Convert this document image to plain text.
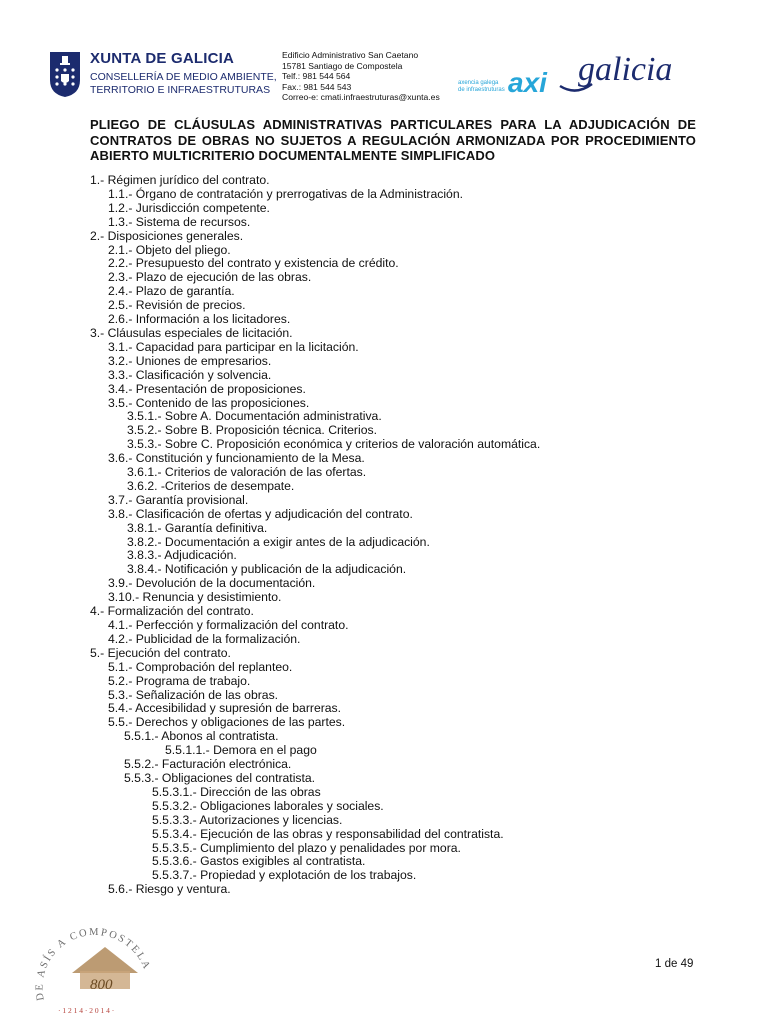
XUNTA DE GALICIA
CONSELLERÍA DE MEDIO AMBIENTE,
TERRITORIO E INFRAESTRUTURAS
Edificio Administrativo San Caetano
15781 Santiago de Compostela
Telf.: 981 544 564
Fax.: 981 544 543
Correo-e: cmati.infraestruturas@xunta.es
axencia galega
de infraestruturas axi galicia
PLIEGO DE CLÁUSULAS ADMINISTRATIVAS PARTICULARES PARA LA ADJUDICACIÓN DE CONTRATOS DE OBRAS NO SUJETOS A REGULACIÓN ARMONIZADA POR PROCEDIMIENTO ABIERTO MULTICRITERIO DOCUMENTALMENTE SIMPLIFICADO
1.- Régimen jurídico del contrato.
1.1.- Órgano de contratación y prerrogativas de la Administración.
1.2.- Jurisdicción competente.
1.3.- Sistema de recursos.
2.- Disposiciones generales.
2.1.- Objeto del pliego.
2.2.- Presupuesto del contrato y existencia de crédito.
2.3.- Plazo de ejecución de las obras.
2.4.- Plazo de garantía.
2.5.- Revisión de precios.
2.6.- Información a los licitadores.
3.- Cláusulas especiales de licitación.
3.1.- Capacidad para participar en la licitación.
3.2.- Uniones de empresarios.
3.3.- Clasificación y solvencia.
3.4.- Presentación de proposiciones.
3.5.- Contenido de las proposiciones.
3.5.1.- Sobre A. Documentación administrativa.
3.5.2.- Sobre B. Proposición técnica. Criterios.
3.5.3.- Sobre C. Proposición económica y criterios de valoración automática.
3.6.- Constitución y funcionamiento de la Mesa.
3.6.1.- Criterios de valoración de las ofertas.
3.6.2. -Criterios de desempate.
3.7.- Garantía provisional.
3.8.- Clasificación de ofertas y adjudicación del contrato.
3.8.1.- Garantía definitiva.
3.8.2.- Documentación a exigir antes de la adjudicación.
3.8.3.- Adjudicación.
3.8.4.- Notificación y publicación de la adjudicación.
3.9.- Devolución de la documentación.
3.10.- Renuncia y desistimiento.
4.- Formalización del contrato.
4.1.- Perfección y formalización del contrato.
4.2.- Publicidad de la formalización.
5.- Ejecución del contrato.
5.1.- Comprobación del replanteo.
5.2.- Programa de trabajo.
5.3.- Señalización de las obras.
5.4.- Accesibilidad y supresión de barreras.
5.5.- Derechos y obligaciones de las partes.
5.5.1.- Abonos al contratista.
5.5.1.1.- Demora en el pago
5.5.2.- Facturación electrónica.
5.5.3.- Obligaciones del contratista.
5.5.3.1.- Dirección de las obras
5.5.3.2.- Obligaciones laborales y sociales.
5.5.3.3.- Autorizaciones y licencias.
5.5.3.4.- Ejecución de las obras y responsabilidad del contratista.
5.5.3.5.- Cumplimiento del plazo y penalidades por mora.
5.5.3.6.- Gastos exigibles al contratista.
5.5.3.7.- Propiedad y explotación de los trabajos.
5.6.- Riesgo y ventura.
DE ASÍS A COMPOSTELA
800
· 1 2 1 4 · 2 0 1 4 ·
1 de 49
